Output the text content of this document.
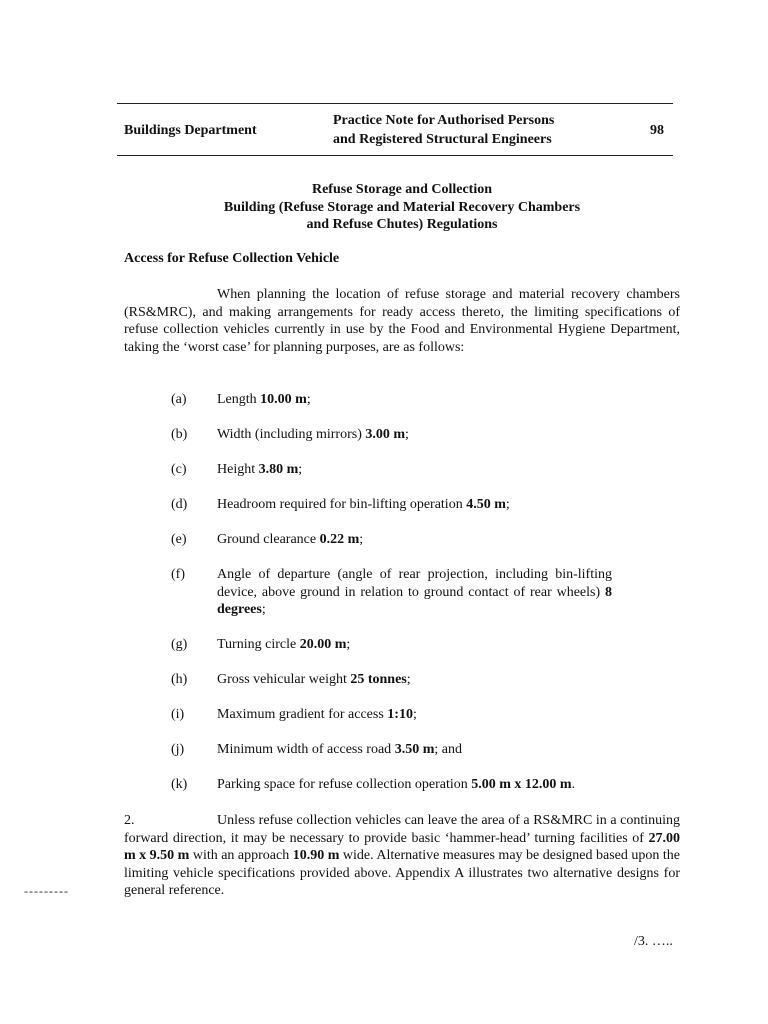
Buildings Department
Practice Note for Authorised Persons
and Registered Structural Engineers
98
Refuse Storage and Collection
Building (Refuse Storage and Material Recovery Chambers
and Refuse Chutes) Regulations
Access for Refuse Collection Vehicle
When planning the location of refuse storage and material recovery chambers (RS&MRC), and making arrangements for ready access thereto, the limiting specifications of refuse collection vehicles currently in use by the Food and Environmental Hygiene Department, taking the ‘worst case’ for planning purposes, are as follows:
(a) Length 10.00 m;
(b) Width (including mirrors) 3.00 m;
(c) Height 3.80 m;
(d) Headroom required for bin-lifting operation 4.50 m;
(e) Ground clearance 0.22 m;
(f) Angle of departure (angle of rear projection, including bin-lifting device, above ground in relation to ground contact of rear wheels) 8 degrees;
(g) Turning circle 20.00 m;
(h) Gross vehicular weight 25 tonnes;
(i) Maximum gradient for access 1:10;
(j) Minimum width of access road 3.50 m; and
(k) Parking space for refuse collection operation 5.00 m x 12.00 m.
2.	Unless refuse collection vehicles can leave the area of a RS&MRC in a continuing forward direction, it may be necessary to provide basic ‘hammer-head’ turning facilities of 27.00 m x 9.50 m with an approach 10.90 m wide. Alternative measures may be designed based upon the limiting vehicle specifications provided above. Appendix A illustrates two alternative designs for general reference.
---------
/3. …..
